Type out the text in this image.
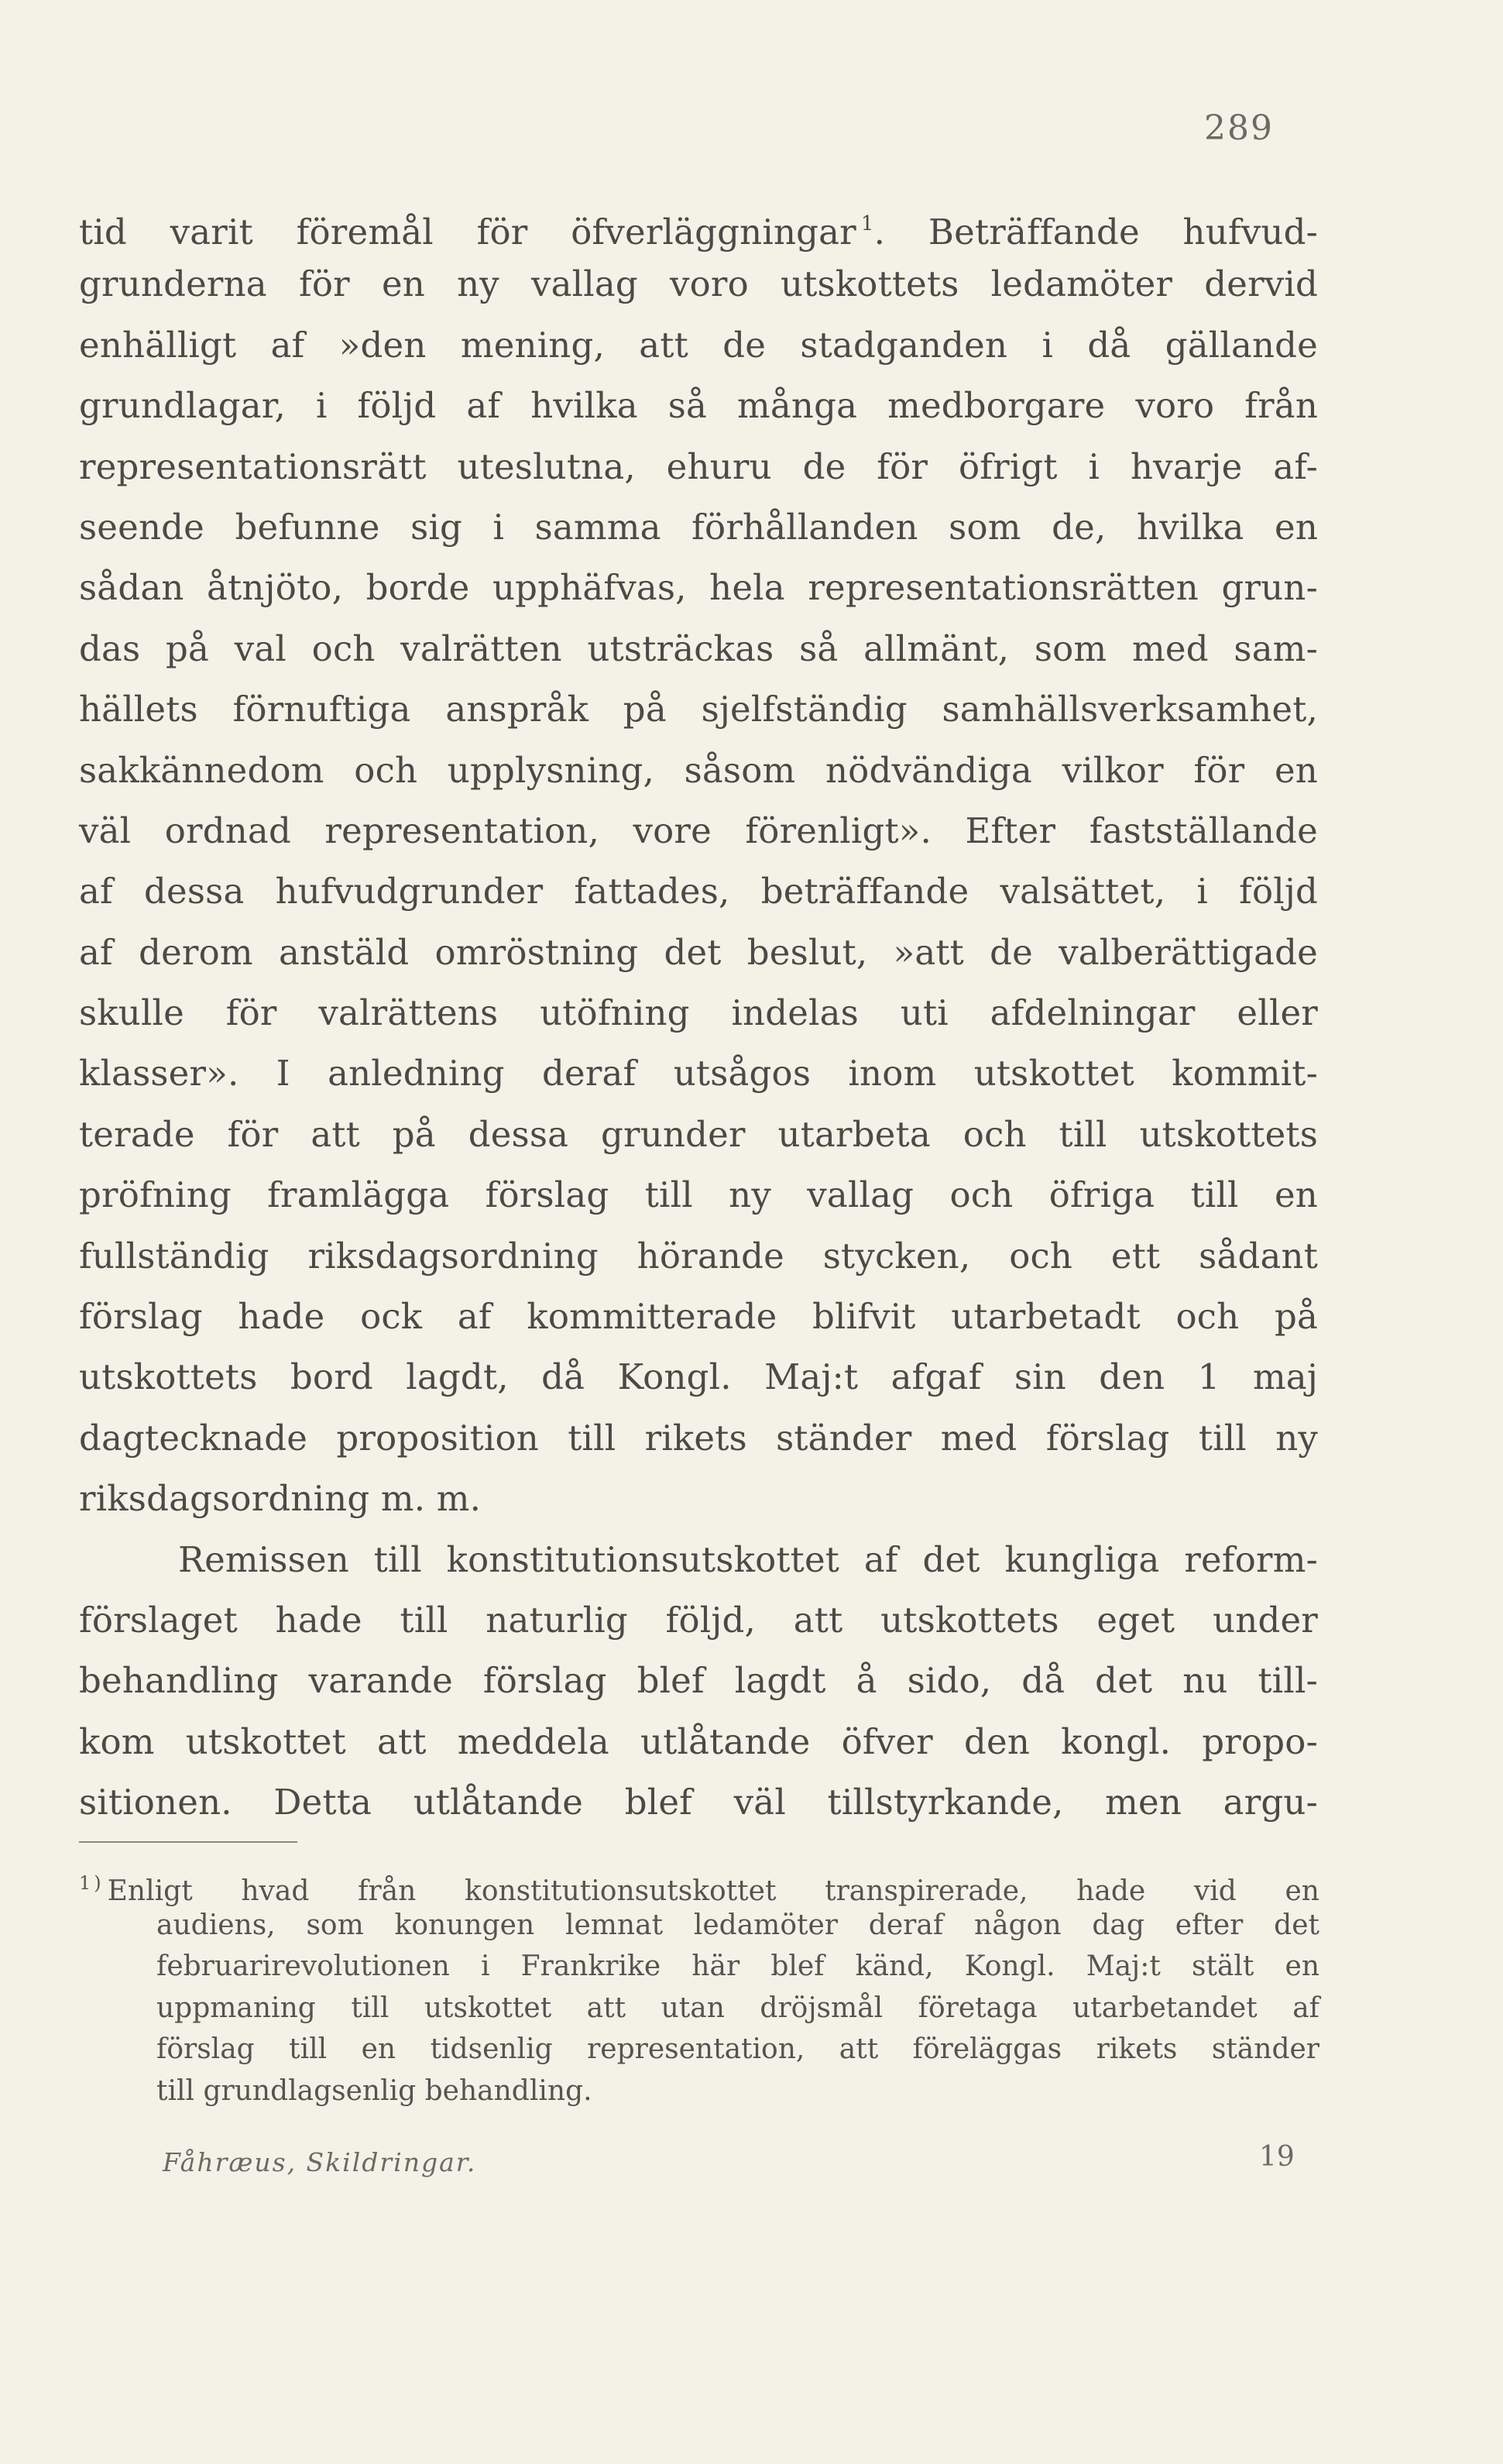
289
tid varit föremål för öfverläggningar $^1$. Beträffande hufvud-
grunderna för en ny vallag voro utskottets ledamöter dervid
enhälligt af »den mening, att de stadganden i då gällande
grundlagar, i följd af hvilka så många medborgare voro från
representationsrätt uteslutna, ehuru de för öfrigt i hvarje af-
seende befunne sig i samma förhållanden som de, hvilka en
sådan åtnjöto, borde upphäfvas, hela representationsrätten grun-
das på val och valrätten utsträckas så allmänt, som med sam-
hällets förnuftiga anspråk på sjelfständig samhällsverksamhet,
sakkännedom och upplysning, såsom nödvändiga vilkor för en
väl ordnad representation, vore förenligt». Efter fastställande
af dessa hufvudgrunder fattades, beträffande valsättet, i följd
af derom anstäld omröstning det beslut, »att de valberättigade
skulle för valrättens utöfning indelas uti afdelningar eller
klasser». I anledning deraf utsågos inom utskottet kommit-
terade för att på dessa grunder utarbeta och till utskottets
pröfning framlägga förslag till ny vallag och öfriga till en
fullständig riksdagsordning hörande stycken, och ett sådant
förslag hade ock af kommitterade blifvit utarbetadt och på
utskottets bord lagdt, då Kongl. Maj:t afgaf sin den 1 maj
dagtecknade proposition till rikets ständer med förslag till ny
riksdagsordning m. m.
Remissen till konstitutionsutskottet af det kungliga reform-
förslaget hade till naturlig följd, att utskottets eget under
behandling varande förslag blef lagdt å sido, då det nu till-
kom utskottet att meddela utlåtande öfver den kongl. propo-
sitionen. Detta utlåtande blef väl tillstyrkande, men argu-
1 ) Enligt hvad från konstitutionsutskottet transpirerade, hade vid en
audiens, som konungen lemnat ledamöter deraf någon dag efter det
februarirevolutionen i Frankrike här blef känd, Kongl. Maj:t stält en
uppmaning till utskottet att utan dröjsmål företaga utarbetandet af
förslag till en tidsenlig representation, att föreläggas rikets ständer
till grundlagsenlig behandling.
Fåhræus, Skildringar.	19
